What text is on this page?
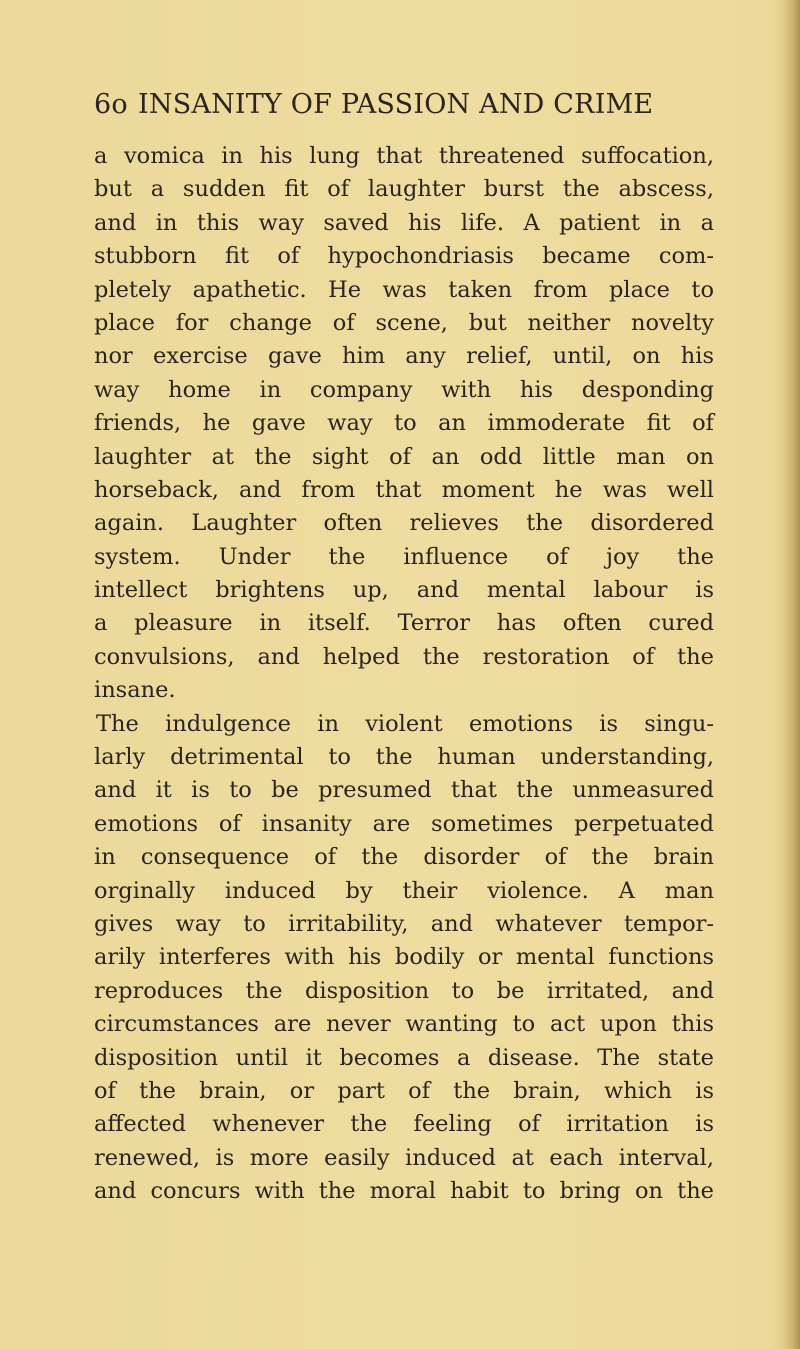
6o INSANITY OF PASSION AND CRIME
a vomica in his lung that threatened suffocation,
but a sudden fit of laughter burst the abscess,
and in this way saved his life. A patient in a
stubborn fit of hypochondriasis became com-
pletely apathetic. He was taken from place to
place for change of scene, but neither novelty
nor exercise gave him any relief, until, on his
way home in company with his desponding
friends, he gave way to an immoderate fit of
laughter at the sight of an odd little man on
horseback, and from that moment he was well
again. Laughter often relieves the disordered
system. Under the influence of joy the
intellect brightens up, and mental labour is
a pleasure in itself. Terror has often cured
convulsions, and helped the restoration of the
insane.
The indulgence in violent emotions is singu-
larly detrimental to the human understanding,
and it is to be presumed that the unmeasured
emotions of insanity are sometimes perpetuated
in consequence of the disorder of the brain
orginally induced by their violence. A man
gives way to irritability, and whatever tempor-
arily interferes with his bodily or mental functions
reproduces the disposition to be irritated, and
circumstances are never wanting to act upon this
disposition until it becomes a disease. The state
of the brain, or part of the brain, which is
affected whenever the feeling of irritation is
renewed, is more easily induced at each interval,
and concurs with the moral habit to bring on the
